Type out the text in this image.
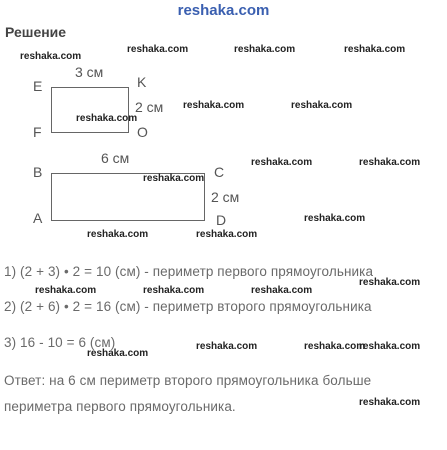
reshaka.com
Решение
E	K
F	O
3 см
2 см
B	C
A	D
6 см
2 см
1) (2 + 3) • 2 = 10 (см) - периметр первого прямоугольника
2) (2 + 6) • 2 = 16 (см) - периметр второго прямоугольника
3) 16 - 10 = 6 (см)
Ответ: на 6 см периметр второго прямоугольника больше
периметра первого прямоугольника.
reshaka.com
reshaka.com	reshaka.com	reshaka.com
reshaka.com
reshaka.com	reshaka.com
reshaka.com
reshaka.com	reshaka.com
reshaka.com
reshaka.com	reshaka.com
reshaka.com
reshaka.com	reshaka.com	reshaka.com
reshaka.com	reshaka.com
reshaka.com
reshaka.com
reshaka.com
